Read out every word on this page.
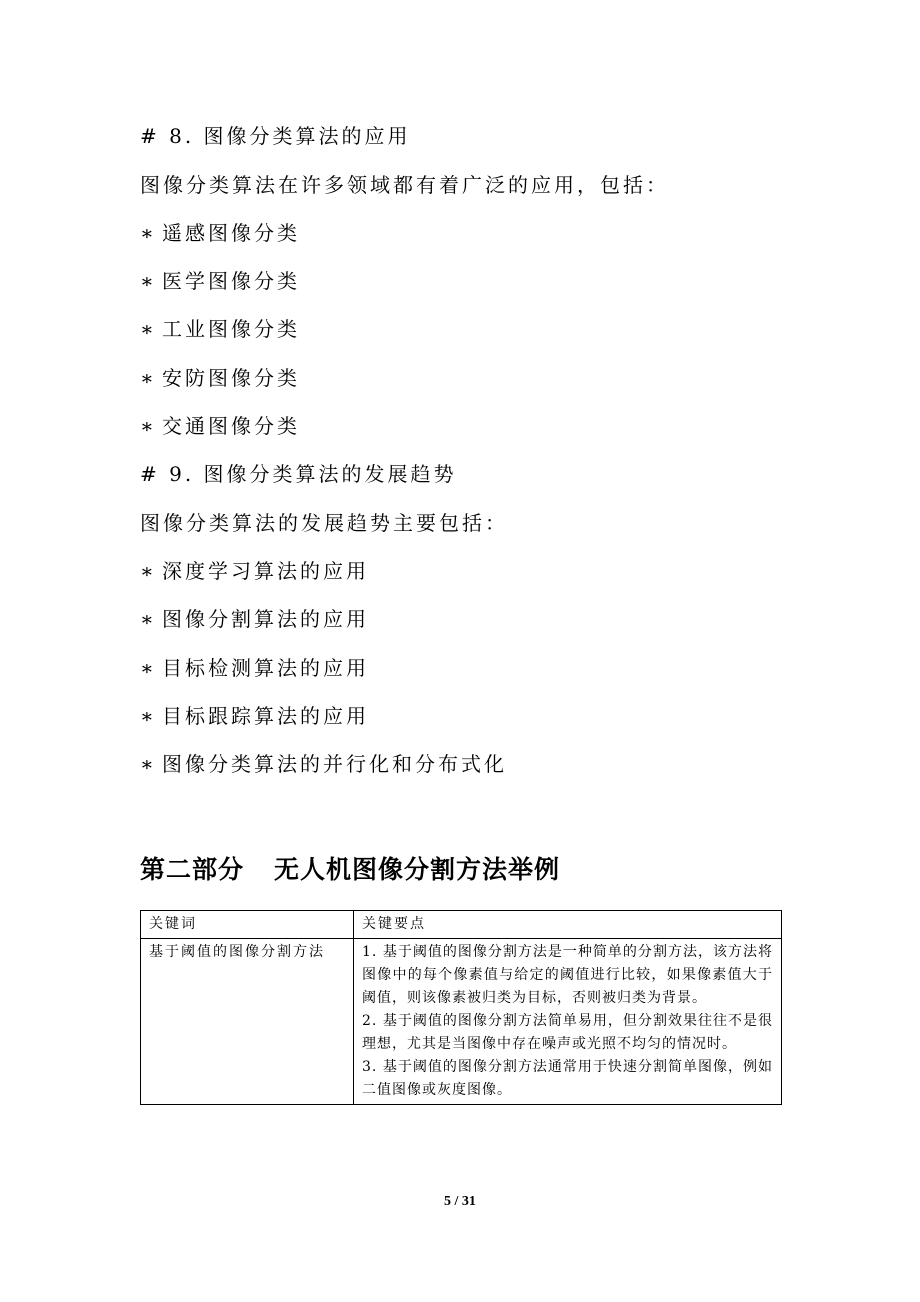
# 8. 图像分类算法的应用
图像分类算法在许多领域都有着广泛的应用，包括：
∗ 遥感图像分类
∗ 医学图像分类
∗ 工业图像分类
∗ 安防图像分类
∗ 交通图像分类
# 9. 图像分类算法的发展趋势
图像分类算法的发展趋势主要包括：
∗ 深度学习算法的应用
∗ 图像分割算法的应用
∗ 目标检测算法的应用
∗ 目标跟踪算法的应用
∗ 图像分类算法的并行化和分布式化
第二部分 无人机图像分割方法举例
关键词	关键要点
基于阈值的图像分割方法	1. 基于阈值的图像分割方法是一种简单的分割方法，该方法将图像中的每个像素值与给定的阈值进行比较，如果像素值大于阈值，则该像素被归类为目标，否则被归类为背景。

2. 基于阈值的图像分割方法简单易用，但分割效果往往不是很理想，尤其是当图像中存在噪声或光照不均匀的情况时。

3. 基于阈值的图像分割方法通常用于快速分割简单图像，例如二值图像或灰度图像。

5 / 31
